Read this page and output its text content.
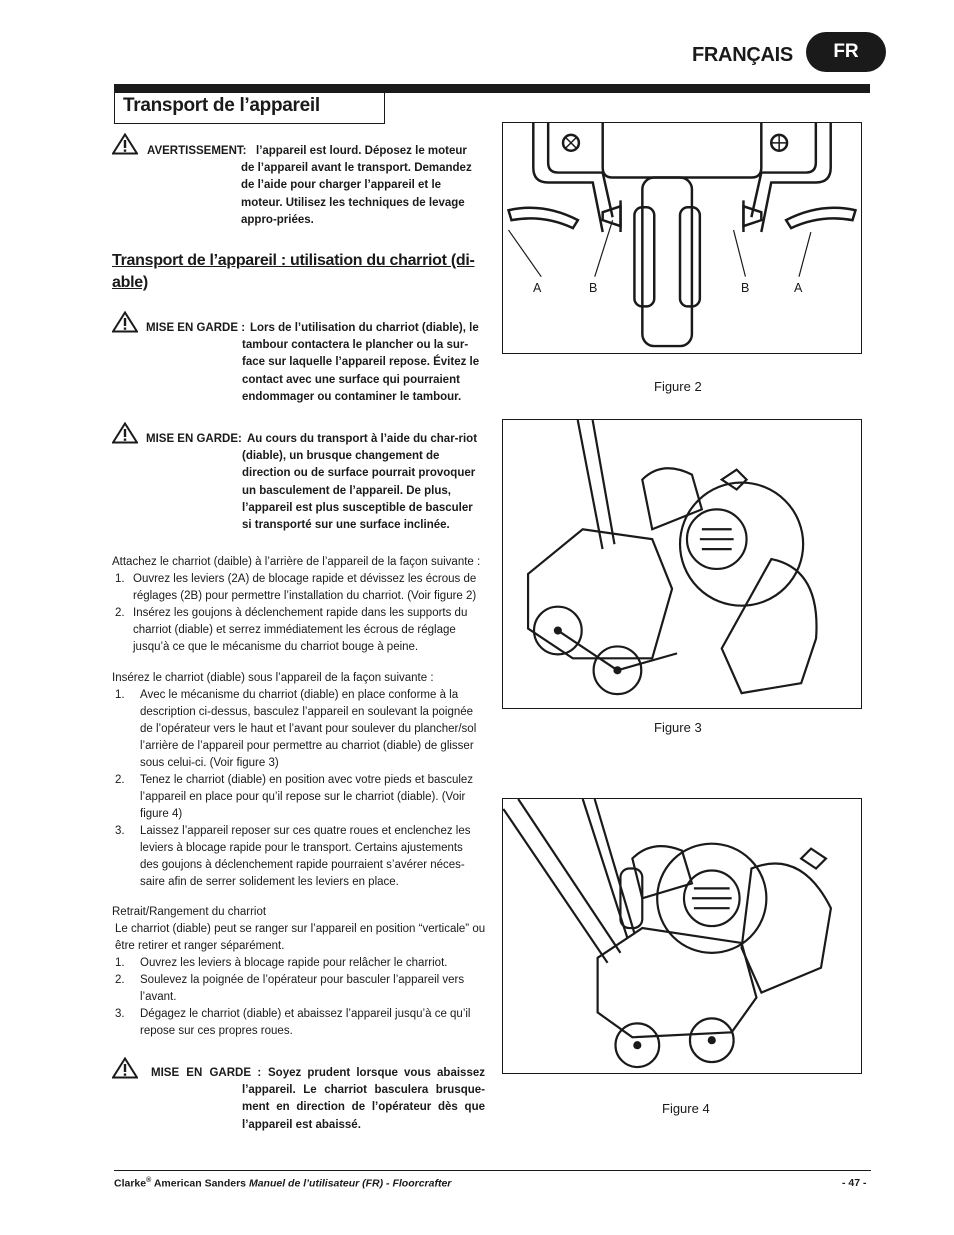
FRANÇAIS	FR
Transport de l’appareil
AVERTISSEMENT: l’appareil est lourd. Déposez le moteur de l’appareil avant le transport. Demandez de l’aide pour charger l’appareil et le moteur. Utilisez les techniques de levage appro-priées.
Transport de l’appareil : utilisation du charriot (di-able)
MISE EN GARDE : Lors de l’utilisation du charriot (diable), le tambour contactera le plancher ou la sur-face sur laquelle l’appareil repose. Évitez le contact avec une surface qui pourraient endommager ou contaminer le tambour.
MISE EN GARDE: Au cours du transport à l’aide du char-riot (diable), un brusque changement de direction ou de surface pourrait provoquer un basculement de l’appareil. De plus, l’appareil est plus susceptible de basculer si transporté sur une surface inclinée.
Attachez le charriot (daible) à l’arrière de l’appareil de la façon suivante :
1. Ouvrez les leviers (2A) de blocage rapide et dévissez les écrous de réglages (2B) pour permettre l’installation du charriot. (Voir figure 2)
2. Insérez les goujons à déclenchement rapide dans les supports du charriot (diable) et serrez immédiatement les écrous de réglage jusqu’à ce que le mécanisme du charriot bouge à peine.
Insérez le charriot (diable) sous l’appareil de la façon suivante :
1. Avec le mécanisme du charriot (diable) en place conforme à la description ci-dessus, basculez l’appareil en soulevant la poignée de l’opérateur vers le haut et l’avant pour soulever du plancher/sol l’arrière de l’appareil pour permettre au charriot (diable) de glisser sous celui-ci. (Voir figure 3)
2. Tenez le charriot (diable) en position avec votre pieds et basculez l’appareil en place pour qu’il repose sur le charriot (diable). (Voir figure 4)
3. Laissez l’appareil reposer sur ces quatre roues et enclenchez les leviers à blocage rapide pour le transport. Certains ajustements des goujons à déclenchement rapide pourraient s’avérer néces-saire afin de serrer solidement les leviers en place.
Retrait/Rangement du charriot
Le charriot (diable) peut se ranger sur l’appareil en position “verticale” ou être retirer et ranger séparément.
1. Ouvrez les leviers à blocage rapide pour relâcher le charriot.
2. Soulevez la poignée de l’opérateur pour basculer l’appareil vers l’avant.
3. Dégagez le charriot (diable) et abaissez l’appareil jusqu’à ce qu’il repose sur ces propres roues.
MISE EN GARDE : Soyez prudent lorsque vous abaissez l’appareil. Le charriot basculera brusque-ment en direction de l’opérateur dès que l’appareil est abaissé.
A	B	B	A
Figure 2
Figure 3
Figure 4
Clarke® American Sanders Manuel de l’utilisateur (FR) - Floorcrafter	- 47 -
